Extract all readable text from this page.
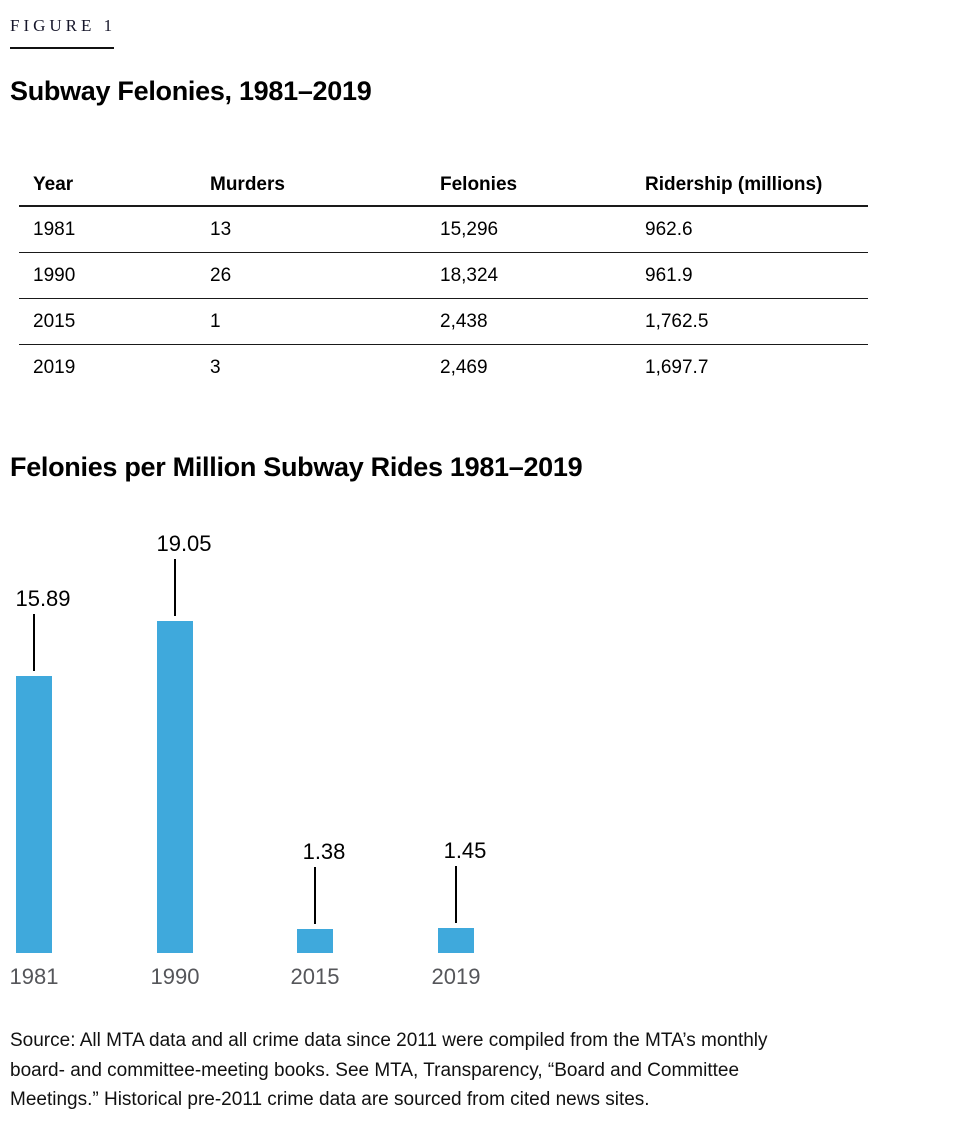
FIGURE 1
Subway Felonies, 1981–2019
Year	Murders	Felonies	Ridership (millions)
1981	13	15,296	962.6
1990	26	18,324	961.9
2015	1	2,438	1,762.5
2019	3	2,469	1,697.7
Felonies per Million Subway Rides 1981–2019
15.89
1981
19.05
1990
1.38
2015
1.45
2019
Source: All MTA data and all crime data since 2011 were compiled from the MTA’s monthly
board- and committee-meeting books. See MTA, Transparency, “Board and Committee
Meetings.” Historical pre-2011 crime data are sourced from cited news sites.
